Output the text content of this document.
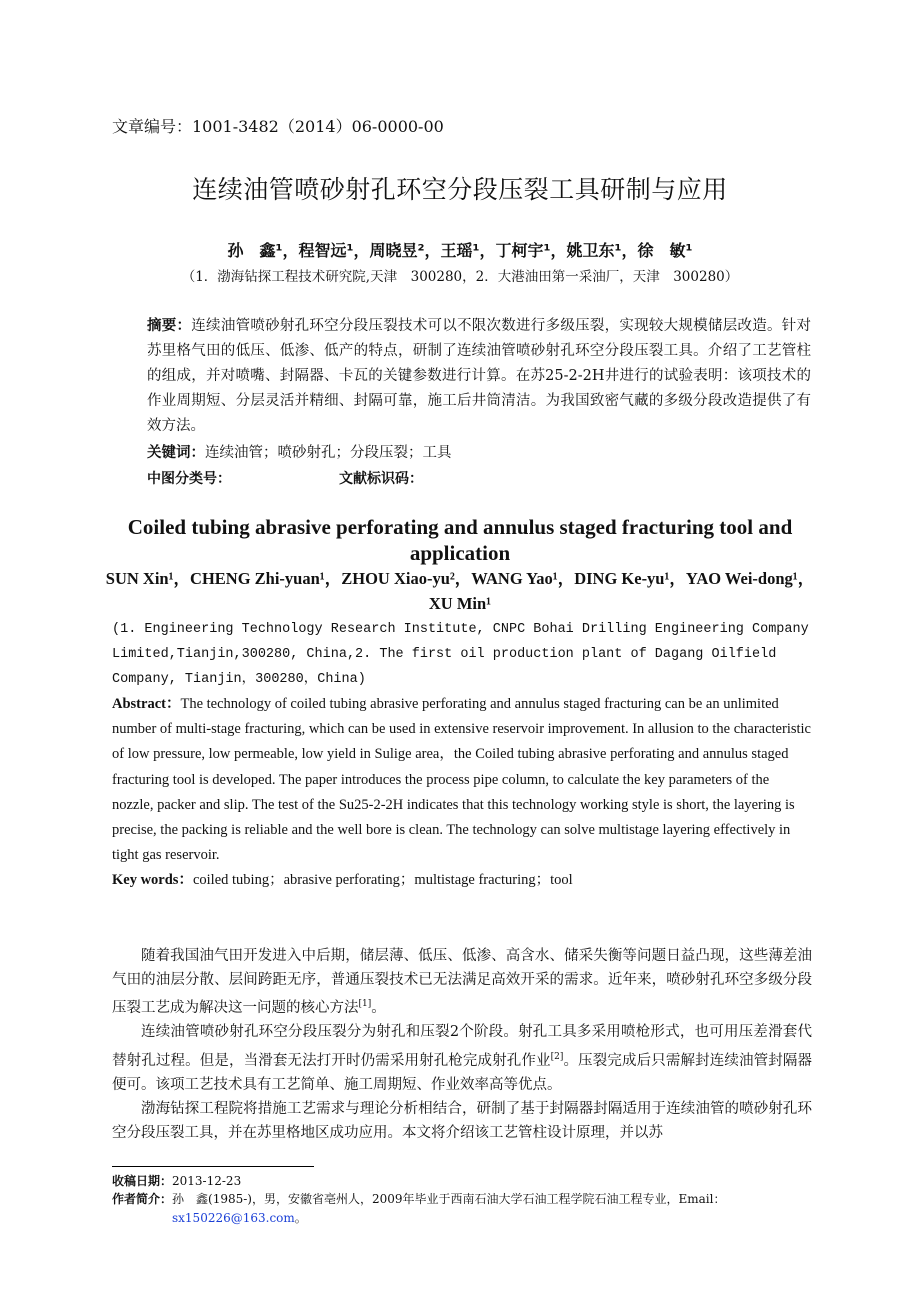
文章编号：1001-3482（2014）06-0000-00
连续油管喷砂射孔环空分段压裂工具研制与应用
孙　鑫¹，程智远¹，周晓昱²，王瑶¹，丁柯宇¹，姚卫东¹，徐　敏¹
（1．渤海钻探工程技术研究院,天津　300280，2．大港油田第一采油厂，天津　300280）
摘要：连续油管喷砂射孔环空分段压裂技术可以不限次数进行多级压裂，实现较大规模储层改造。针对苏里格气田的低压、低渗、低产的特点，研制了连续油管喷砂射孔环空分段压裂工具。介绍了工艺管柱的组成，并对喷嘴、封隔器、卡瓦的关键参数进行计算。在苏25-2-2H井进行的试验表明：该项技术的作业周期短、分层灵活并精细、封隔可靠，施工后井筒清洁。为我国致密气藏的多级分段改造提供了有效方法。
关键词：连续油管；喷砂射孔；分段压裂；工具
中图分类号：	文献标识码：
Coiled tubing abrasive perforating and annulus staged fracturing tool and application
SUN Xin¹，CHENG Zhi-yuan¹，ZHOU Xiao-yu²，WANG Yao¹，DING Ke-yu¹，YAO Wei-dong¹，XU Min¹
(1. Engineering Technology Research Institute, CNPC Bohai Drilling Engineering Company Limited,Tianjin,300280, China,2. The first oil production plant of Dagang Oilfield Company, Tianjin，300280，China)
Abstract：The technology of coiled tubing abrasive perforating and annulus staged fracturing can be an unlimited number of multi-stage fracturing, which can be used in extensive reservoir improvement. In allusion to the characteristic of low pressure, low permeable, low yield in Sulige area，the Coiled tubing abrasive perforating and annulus staged fracturing tool is developed. The paper introduces the process pipe column, to calculate the key parameters of the nozzle, packer and slip. The test of the Su25-2-2H indicates that this technology working style is short, the layering is precise, the packing is reliable and the well bore is clean. The technology can solve multistage layering effectively in tight gas reservoir.
Key words：coiled tubing；abrasive perforating；multistage fracturing；tool

随着我国油气田开发进入中后期，储层薄、低压、低渗、高含水、储采失衡等问题日益凸现，这些薄差油气田的油层分散、层间跨距无序，普通压裂技术已无法满足高效开采的需求。近年来，喷砂射孔环空多级分段压裂工艺成为解决这一问题的核心方法[1]。

连续油管喷砂射孔环空分段压裂分为射孔和压裂2个阶段。射孔工具多采用喷枪形式，也可用压差滑套代替射孔过程。但是，当滑套无法打开时仍需采用射孔枪完成射孔作业[2]。压裂完成后只需解封连续油管封隔器便可。该项工艺技术具有工艺简单、施工周期短、作业效率高等优点。

渤海钻探工程院将措施工艺需求与理论分析相结合，研制了基于封隔器封隔适用于连续油管的喷砂射孔环空分段压裂工具，并在苏里格地区成功应用。本文将介绍该工艺管柱设计原理，并以苏

收稿日期：2013-12-23
作者简介：孙　鑫(1985-)，男，安徽省亳州人，2009年毕业于西南石油大学石油工程学院石油工程专业，Email：
sx150226@163.com。
